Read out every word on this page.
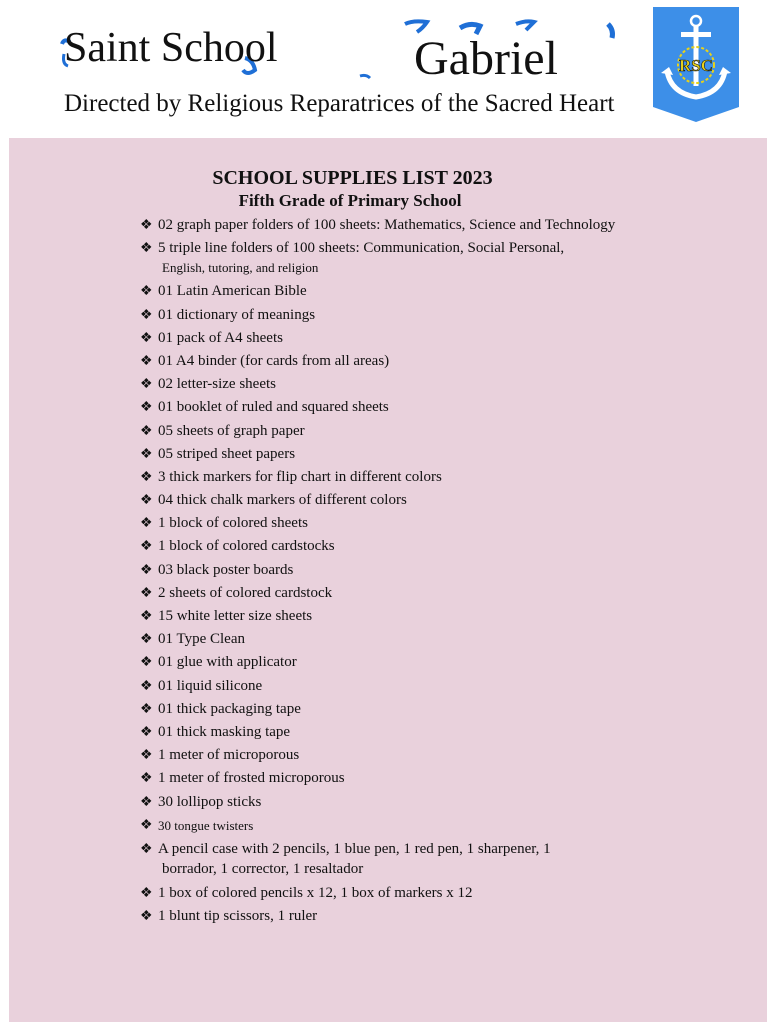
Saint School	Gabriel
Directed by Religious Reparatrices of the Sacred Heart
RSC
SCHOOL SUPPLIES LIST 2023
Fifth Grade of Primary School
❖ 02 graph paper folders of 100 sheets: Mathematics, Science and Technology
❖ 5 triple line folders of 100 sheets: Communication, Social Personal,
English, tutoring, and religion
❖ 01 Latin American Bible
❖ 01 dictionary of meanings
❖ 01 pack of A4 sheets
❖ 01 A4 binder (for cards from all areas)
❖ 02 letter-size sheets
❖ 01 booklet of ruled and squared sheets
❖ 05 sheets of graph paper
❖ 05 striped sheet papers
❖ 3 thick markers for flip chart in different colors
❖ 04 thick chalk markers of different colors
❖ 1 block of colored sheets
❖ 1 block of colored cardstocks
❖ 03 black poster boards
❖ 2 sheets of colored cardstock
❖ 15 white letter size sheets
❖ 01 Type Clean
❖ 01 glue with applicator
❖ 01 liquid silicone
❖ 01 thick packaging tape
❖ 01 thick masking tape
❖ 1 meter of microporous
❖ 1 meter of frosted microporous
❖ 30 lollipop sticks
❖ 30 tongue twisters
❖ A pencil case with 2 pencils, 1 blue pen, 1 red pen, 1 sharpener, 1
borrador, 1 corrector, 1 resaltador
❖ 1 box of colored pencils x 12, 1 box of markers x 12
❖ 1 blunt tip scissors, 1 ruler
